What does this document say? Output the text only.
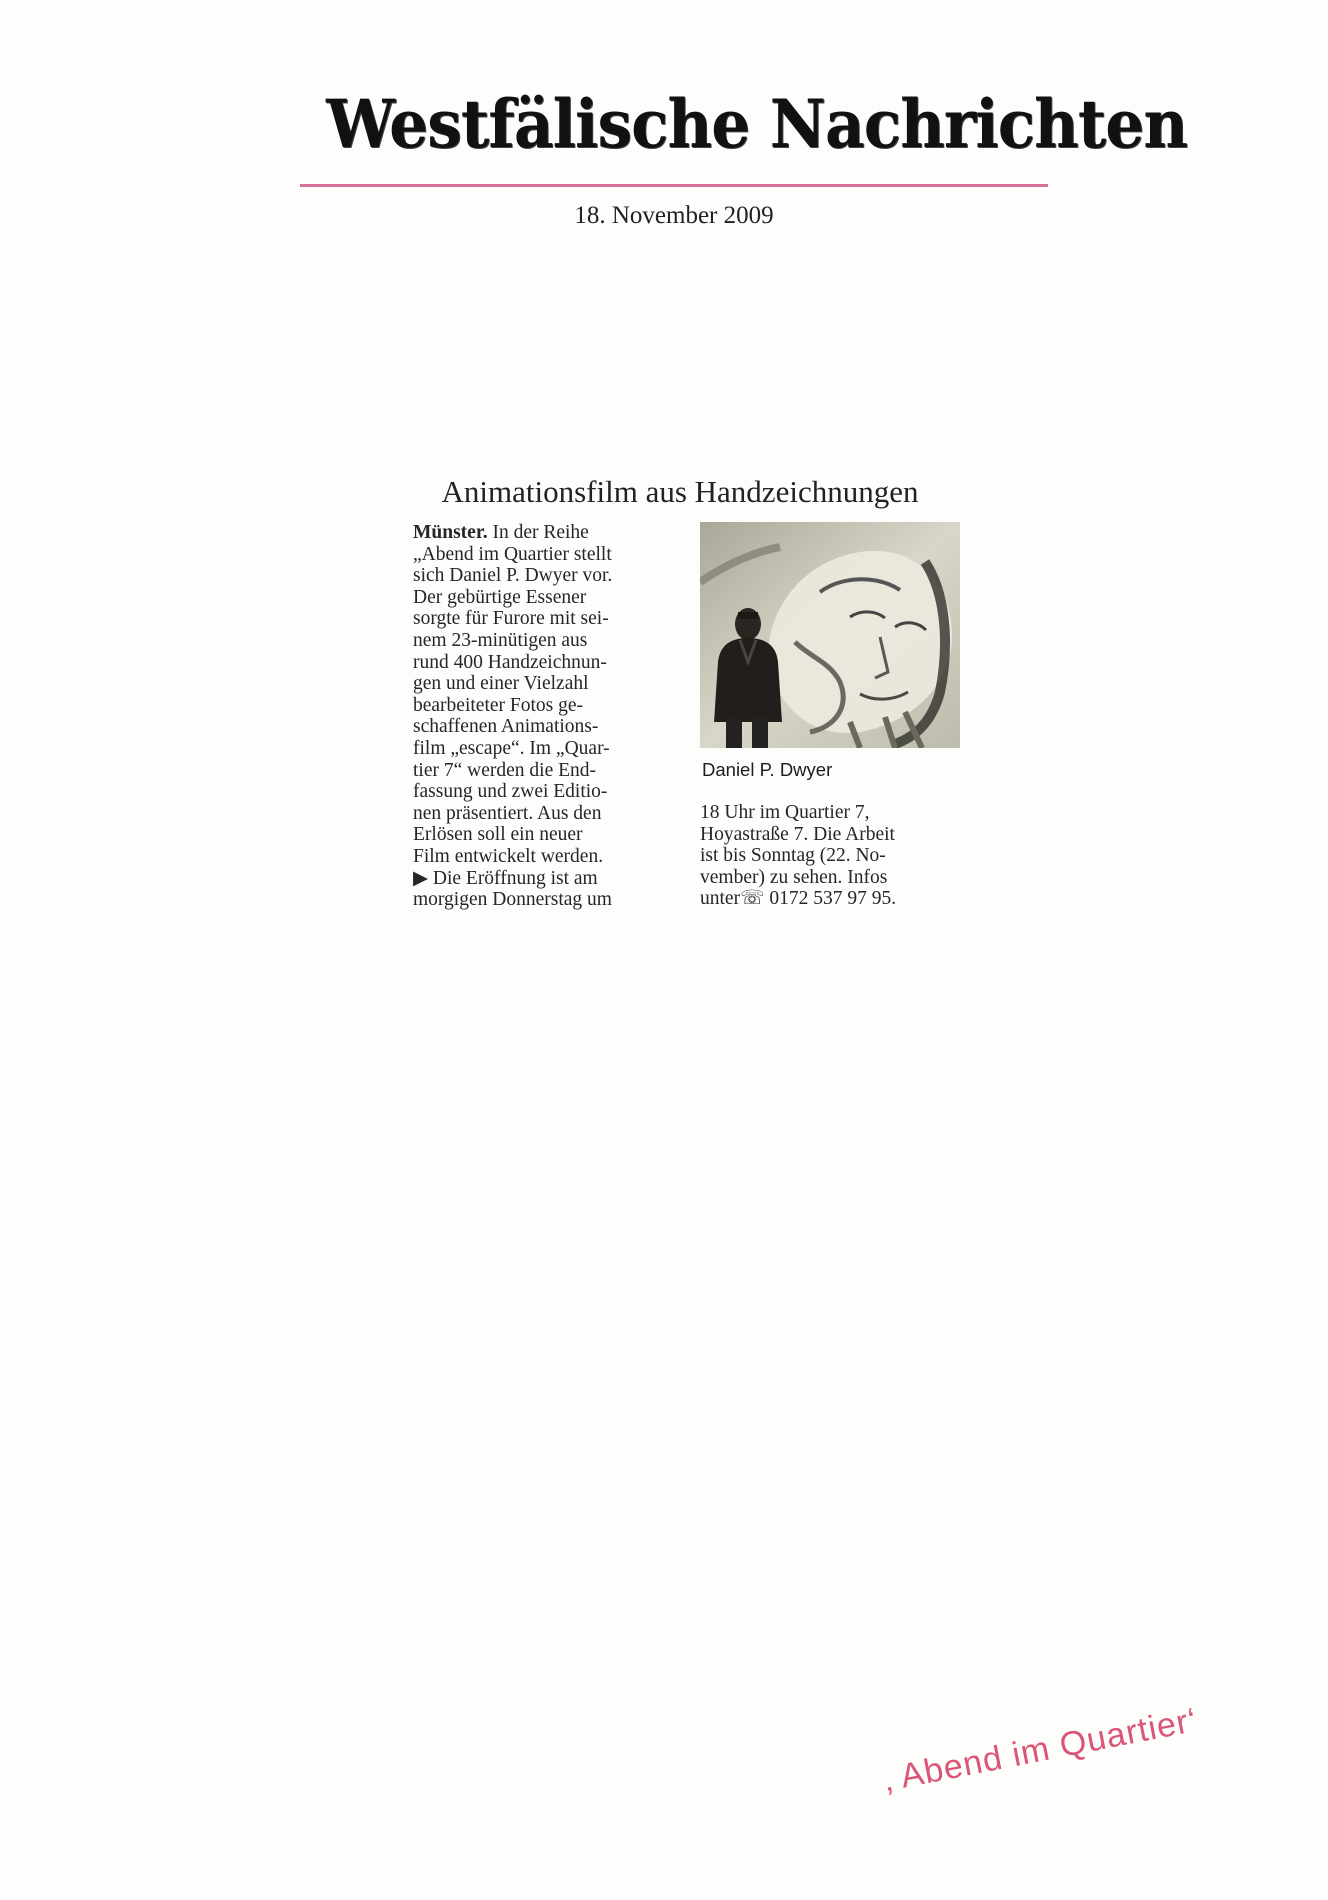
Westfälische Nachrichten
18. November 2009
Animationsfilm aus Handzeichnungen
Münster. In der Reihe
„Abend im Quartier stellt
sich Daniel P. Dwyer vor.
Der gebürtige Essener
sorgte für Furore mit sei-
nem 23-minütigen aus
rund 400 Handzeichnun-
gen und einer Vielzahl
bearbeiteter Fotos ge-
schaffenen Animations-
film „escape“. Im „Quar-
tier 7“ werden die End-
fassung und zwei Editio-
nen präsentiert. Aus den
Erlösen soll ein neuer
Film entwickelt werden.
▶ Die Eröffnung ist am
morgigen Donnerstag um
Daniel P. Dwyer
18 Uhr im Quartier 7,
Hoyastraße 7. Die Arbeit
ist bis Sonntag (22. No-
vember) zu sehen. Infos
unter☏ 0172 537 97 95.
‚ Abend im Quartier‘
